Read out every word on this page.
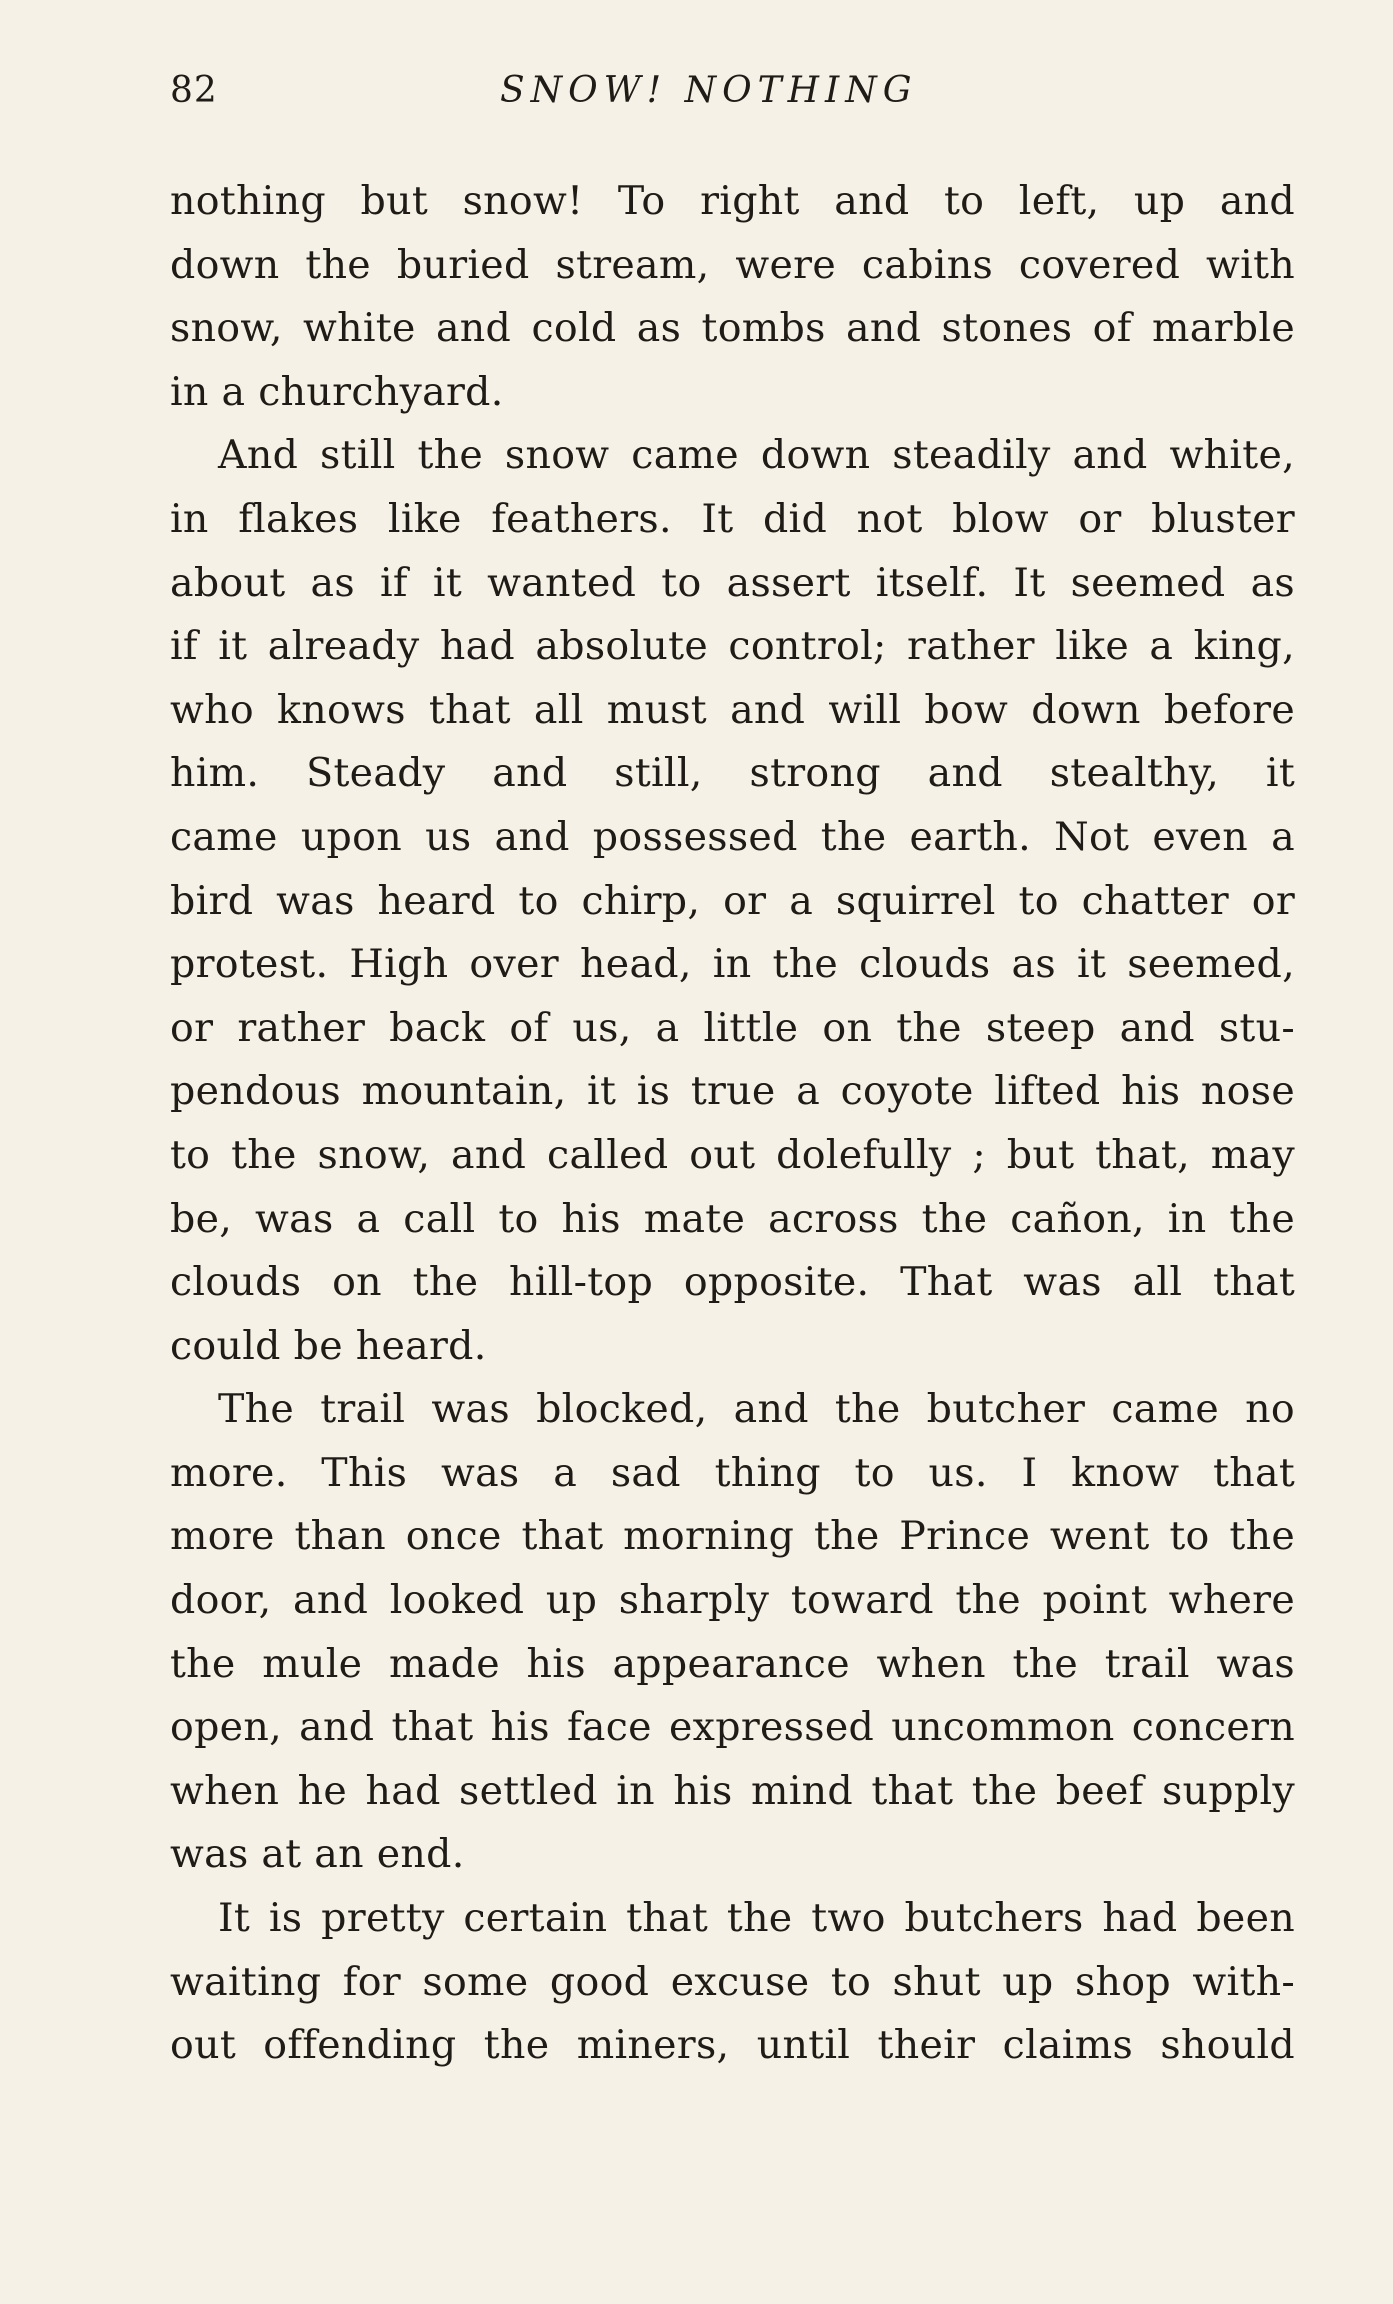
82	SNOW! NOTHING
nothing but snow! To right and to left, up and
down the buried stream, were cabins covered with
snow, white and cold as tombs and stones of marble
in a churchyard.
And still the snow came down steadily and white,
in flakes like feathers. It did not blow or bluster
about as if it wanted to assert itself. It seemed as
if it already had absolute control; rather like a king,
who knows that all must and will bow down before
him. Steady and still, strong and stealthy, it
came upon us and possessed the earth. Not even a
bird was heard to chirp, or a squirrel to chatter or
protest. High over head, in the clouds as it seemed,
or rather back of us, a little on the steep and stu-
pendous mountain, it is true a coyote lifted his nose
to the snow, and called out dolefully ; but that, may
be, was a call to his mate across the cañon, in the
clouds on the hill-top opposite. That was all that
could be heard.
The trail was blocked, and the butcher came no
more. This was a sad thing to us. I know that
more than once that morning the Prince went to the
door, and looked up sharply toward the point where
the mule made his appearance when the trail was
open, and that his face expressed uncommon concern
when he had settled in his mind that the beef supply
was at an end.
It is pretty certain that the two butchers had been
waiting for some good excuse to shut up shop with-
out offending the miners, until their claims should
